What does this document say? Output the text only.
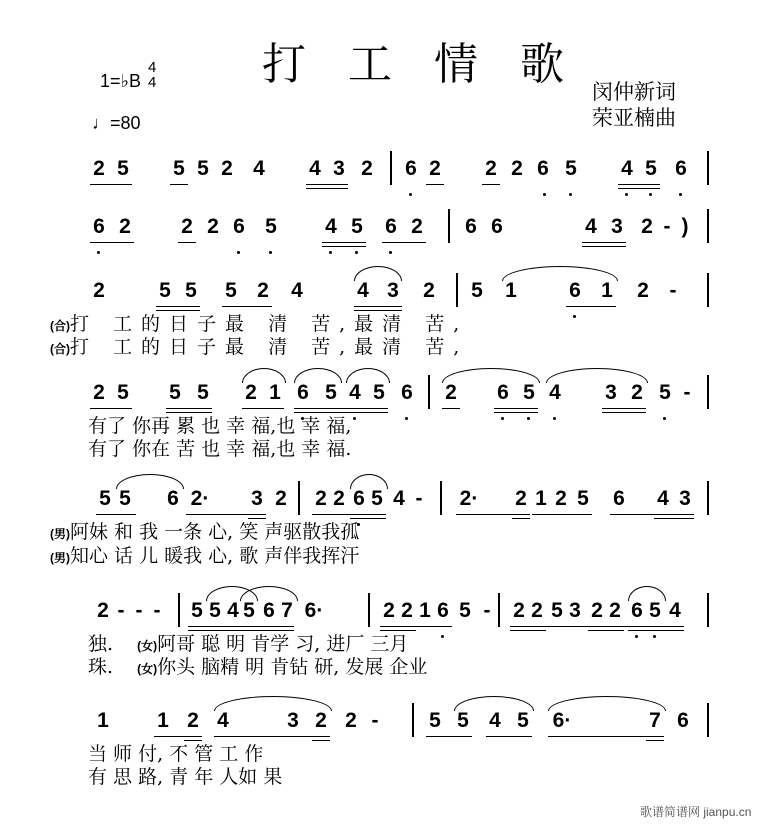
打 工 情 歌
1=♭B
4
4
♩=80
闵仲新词
荣亚楠曲
2 5 5 5 2 4 4 3 2 6 2 2 2 6 5 4 5 6
6 2 2 2 6 5 4 5 6 2 6 6	4 3 2 - )
2	5 5 5 2 4	4 3 2 5 1 6 1 2 -
(合)打 工的日子最 清 苦,最清 苦,
(合)打 工的日子最 清 苦,最清 苦,
2 5 5 5 2 1 6 5 4 5 6 2 6 5 4 3 2 5 -
有了 你再 累 也 幸 福,也 幸 福,
有了 你在 苦 也 幸 福,也 幸 福.
5 5 6 2· 3 2 2 2 6 5 4 - 2· 2 1 2 5 6 4 3
(男)阿妹 和 我 一条 心, 笑 声驱散我孤
(男)知心 话 儿 暖我 心, 歌 声伴我挥汗
2 - - - 5 5 4 5 6 7 6·	2 2 1 6 5 - 2 2 5 3 2 2 6 5 4
独. (女)阿哥 聪 明 肯学 习, 进厂 三月
珠. (女)你头 脑精 明 肯钻 研, 发展 企业
1 1 2 4	3 2 2 - 5 5 4 5 6·	7 6
当 师 付, 不 管 工 作
有 思 路, 青 年 人如 果
歌谱简谱网 jianpu.cn
